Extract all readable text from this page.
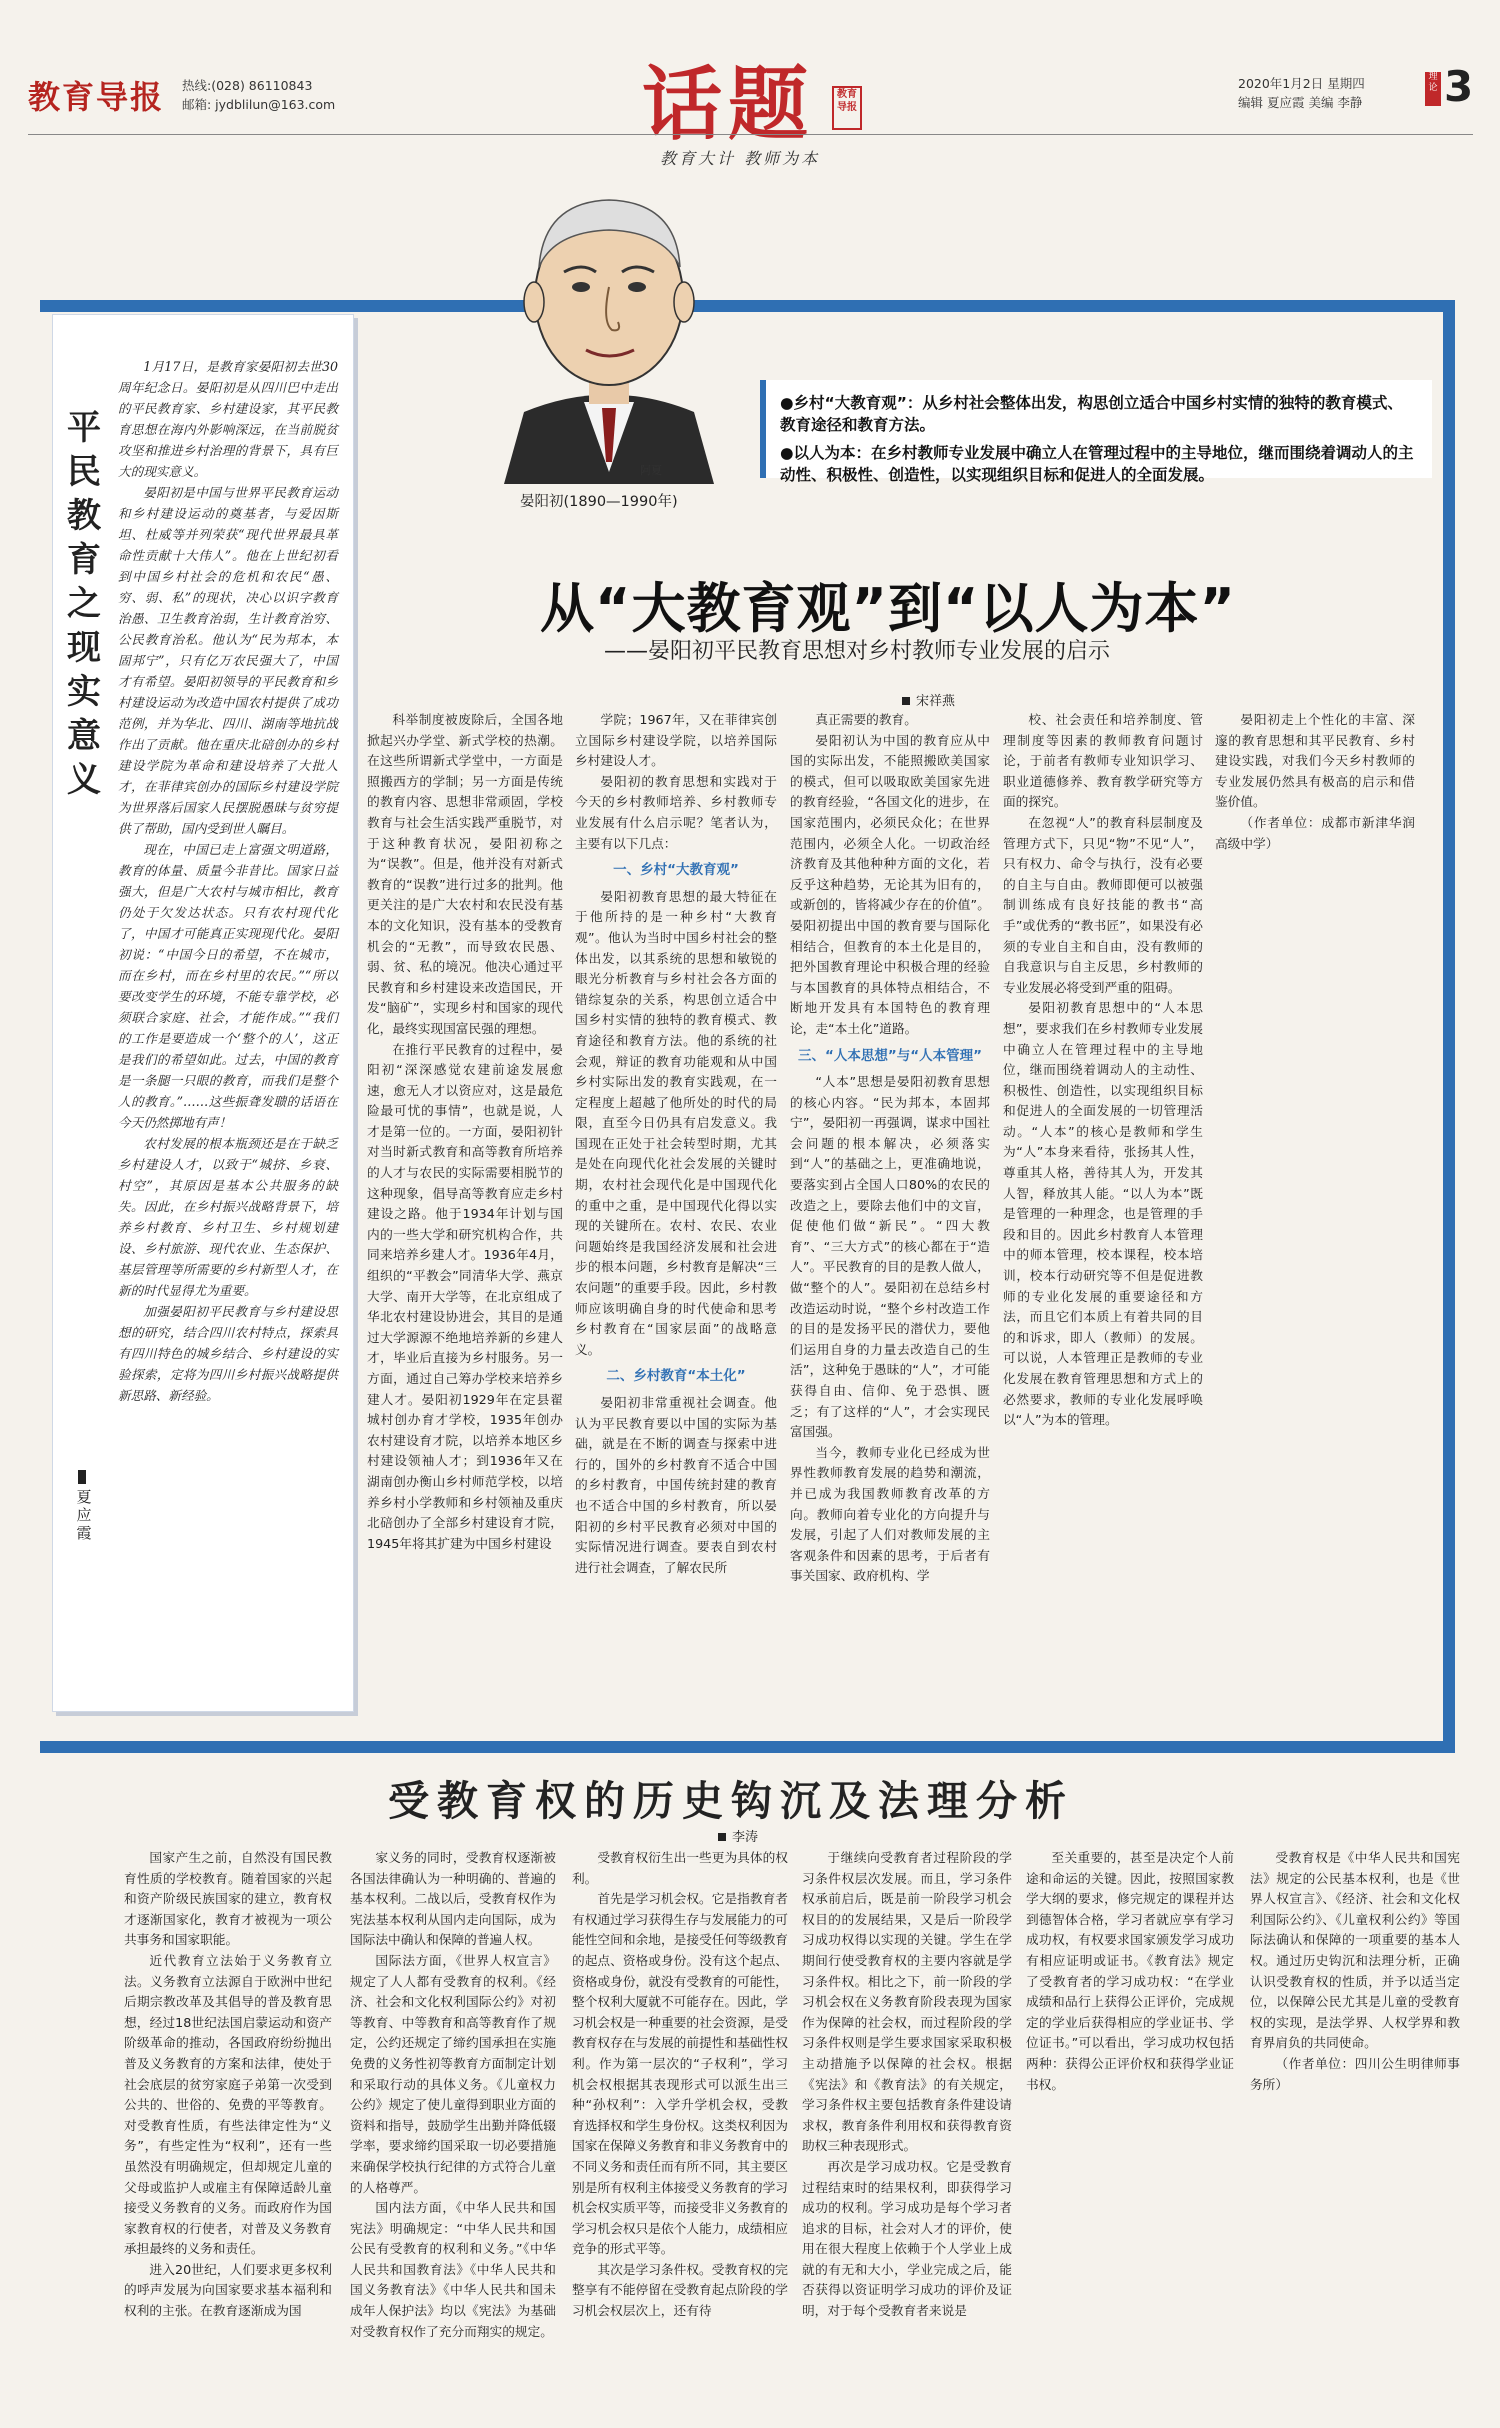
教育导报 热线:(028) 86110843
邮箱: jydblilun@163.com	话题	教育导报
教育大计 教师为本
2020年1月2日 星期四
编辑 夏应霞 美编 李静
理论 3
平民教育之现实意义
夏应霞

1月17日，是教育家晏阳初去世30周年纪念日。晏阳初是从四川巴中走出的平民教育家、乡村建设家，其平民教育思想在海内外影响深远，在当前脱贫攻坚和推进乡村治理的背景下，具有巨大的现实意义。

晏阳初是中国与世界平民教育运动和乡村建设运动的奠基者，与爱因斯坦、杜威等并列荣获“现代世界最具革命性贡献十大伟人”。他在上世纪初看到中国乡村社会的危机和农民“愚、穷、弱、私”的现状，决心以识字教育治愚、卫生教育治弱，生计教育治穷、公民教育治私。他认为“民为邦本，本固邦宁”，只有亿万农民强大了，中国才有希望。晏阳初领导的平民教育和乡村建设运动为改造中国农村提供了成功范例，并为华北、四川、湖南等地抗战作出了贡献。他在重庆北碚创办的乡村建设学院为革命和建设培养了大批人才，在菲律宾创办的国际乡村建设学院为世界落后国家人民摆脱愚昧与贫穷提供了帮助，国内受到世人瞩目。

现在，中国已走上富强文明道路，教育的体量、质量今非昔比。国家日益强大，但是广大农村与城市相比，教育仍处于欠发达状态。只有农村现代化了，中国才可能真正实现现代化。晏阳初说：“中国今日的希望，不在城市，而在乡村，而在乡村里的农民。”“所以要改变学生的环境，不能专靠学校，必须联合家庭、社会，才能作成。”“我们的工作是要造成一个‘整个的人’，这正是我们的希望如此。过去，中国的教育是一条腿一只眼的教育，而我们是整个人的教育。”……这些振聋发聩的话语在今天仍然掷地有声！

农村发展的根本瓶颈还是在于缺乏乡村建设人才，以致于“城挤、乡衰、村空”，其原因是基本公共服务的缺失。因此，在乡村振兴战略背景下，培养乡村教育、乡村卫生、乡村规划建设、乡村旅游、现代农业、生态保护、基层管理等所需要的乡村新型人才，在新的时代显得尤为重要。

加强晏阳初平民教育与乡村建设思想的研究，结合四川农村特点，探索具有四川特色的城乡结合、乡村建设的实验探索，定将为四川乡村振兴战略提供新思路、新经验。

阿夏
晏阳初(1890—1990年)

●乡村“大教育观”：从乡村社会整体出发，构思创立适合中国乡村实情的独特的教育模式、教育途径和教育方法。

●以人为本：在乡村教师专业发展中确立人在管理过程中的主导地位，继而围绕着调动人的主动性、积极性、创造性，以实现组织目标和促进人的全面发展。

从“大教育观”到“以人为本”
——晏阳初平民教育思想对乡村教师专业发展的启示
宋祥燕

科举制度被废除后，全国各地掀起兴办学堂、新式学校的热潮。在这些所谓新式学堂中，一方面是照搬西方的学制；另一方面是传统的教育内容、思想非常顽固，学校教育与社会生活实践严重脱节，对于这种教育状况，晏阳初称之为“误教”。但是，他并没有对新式教育的“误教”进行过多的批判。他更关注的是广大农村和农民没有基本的文化知识，没有基本的受教育机会的“无教”，而导致农民愚、弱、贫、私的境况。他决心通过平民教育和乡村建设来改造国民，开发“脑矿”，实现乡村和国家的现代化，最终实现国富民强的理想。

在推行平民教育的过程中，晏阳初“深深感觉农建前途发展愈速，愈无人才以资应对，这是最危险最可忧的事情”，也就是说，人才是第一位的。一方面，晏阳初针对当时新式教育和高等教育所培养的人才与农民的实际需要相脱节的这种现象，倡导高等教育应走乡村建设之路。他于1934年计划与国内的一些大学和研究机构合作，共同来培养乡建人才。1936年4月，组织的“平教会”同清华大学、燕京大学、南开大学等，在北京组成了华北农村建设协进会，其目的是通过大学源源不绝地培养新的乡建人才，毕业后直接为乡村服务。另一方面，通过自己筹办学校来培养乡建人才。晏阳初1929年在定县翟城村创办育才学校，1935年创办农村建设育才院，以培养本地区乡村建设领袖人才；到1936年又在湖南创办衡山乡村师范学校，以培养乡村小学教师和乡村领袖及重庆北碚创办了全部乡村建设育才院，1945年将其扩建为中国乡村建设

学院；1967年，又在菲律宾创立国际乡村建设学院，以培养国际乡村建设人才。

晏阳初的教育思想和实践对于今天的乡村教师培养、乡村教师专业发展有什么启示呢？笔者认为，主要有以下几点：

一、乡村“大教育观”

晏阳初教育思想的最大特征在于他所持的是一种乡村“大教育观”。他认为当时中国乡村社会的整体出发，以其系统的思想和敏锐的眼光分析教育与乡村社会各方面的错综复杂的关系，构思创立适合中国乡村实情的独特的教育模式、教育途径和教育方法。他的系统的社会观，辩证的教育功能观和从中国乡村实际出发的教育实践观，在一定程度上超越了他所处的时代的局限，直至今日仍具有启发意义。我国现在正处于社会转型时期，尤其是处在向现代化社会发展的关键时期，农村社会现代化是中国现代化的重中之重，是中国现代化得以实现的关键所在。农村、农民、农业问题始终是我国经济发展和社会进步的根本问题，乡村教育是解决“三农问题”的重要手段。因此，乡村教师应该明确自身的时代使命和思考乡村教育在“国家层面”的战略意义。

二、乡村教育“本土化”

晏阳初非常重视社会调查。他认为平民教育要以中国的实际为基础，就是在不断的调查与探索中进行的，国外的乡村教育不适合中国的乡村教育，中国传统封建的教育也不适合中国的乡村教育，所以晏阳初的乡村平民教育必须对中国的实际情况进行调查。要表自到农村进行社会调查，了解农民所

真正需要的教育。

晏阳初认为中国的教育应从中国的实际出发，不能照搬欧美国家的模式，但可以吸取欧美国家先进的教育经验，“各国文化的进步，在国家范围内，必须民众化；在世界范围内，必须全人化。一切政治经济教育及其他种种方面的文化，若反乎这种趋势，无论其为旧有的，或新创的，皆将减少存在的价值”。晏阳初提出中国的教育要与国际化相结合，但教育的本土化是目的，把外国教育理论中积极合理的经验与本国教育的具体特点相结合，不断地开发具有本国特色的教育理论，走“本土化”道路。

三、“人本思想”与“人本管理”

“人本”思想是晏阳初教育思想的核心内容。“民为邦本，本固邦宁”，晏阳初一再强调，谋求中国社会问题的根本解决，必须落实到“人”的基础之上，更准确地说，要落实到占全国人口80%的农民的改造之上，要除去他们中的文盲，促使他们做“新民”。“四大教育”、“三大方式”的核心都在于“造人”。平民教育的目的是教人做人，做“整个的人”。晏阳初在总结乡村改造运动时说，“整个乡村改造工作的目的是发扬平民的潜伏力，要他们运用自身的力量去改造自己的生活”，这种免于愚昧的“人”，才可能获得自由、信仰、免于恐惧、匮乏；有了这样的“人”，才会实现民富国强。

当今，教师专业化已经成为世界性教师教育发展的趋势和潮流，并已成为我国教师教育改革的方向。教师向着专业化的方向提升与发展，引起了人们对教师发展的主客观条件和因素的思考，于后者有事关国家、政府机构、学

校、社会责任和培养制度、管理制度等因素的教师教育问题讨论，于前者有教师专业知识学习、职业道德修养、教育教学研究等方面的探究。

在忽视“人”的教育科层制度及管理方式下，只见“物”不见“人”，只有权力、命令与执行，没有必要的自主与自由。教师即便可以被强制训练成有良好技能的教书“高手”或优秀的“教书匠”，如果没有必须的专业自主和自由，没有教师的自我意识与自主反思，乡村教师的专业发展必将受到严重的阻碍。

晏阳初教育思想中的“人本思想”，要求我们在乡村教师专业发展中确立人在管理过程中的主导地位，继而围绕着调动人的主动性、积极性、创造性，以实现组织目标和促进人的全面发展的一切管理活动。“人本”的核心是教师和学生为“人”本身来看待，张扬其人性，尊重其人格，善待其人为，开发其人智，释放其人能。“以人为本”既是管理的一种理念，也是管理的手段和目的。因此乡村教育人本管理中的师本管理，校本课程，校本培训，校本行动研究等不但是促进教师的专业化发展的重要途径和方法，而且它们本质上有着共同的目的和诉求，即人（教师）的发展。可以说，人本管理正是教师的专业化发展在教育管理思想和方式上的必然要求，教师的专业化发展呼唤以“人”为本的管理。

晏阳初走上个性化的丰富、深邃的教育思想和其平民教育、乡村建设实践，对我们今天乡村教师的专业发展仍然具有极高的启示和借鉴价值。

（作者单位：成都市新津华润高级中学）

受教育权的历史钩沉及法理分析
李涛

国家产生之前，自然没有国民教育性质的学校教育。随着国家的兴起和资产阶级民族国家的建立，教育权才逐渐国家化，教育才被视为一项公共事务和国家职能。

近代教育立法始于义务教育立法。义务教育立法源自于欧洲中世纪后期宗教改革及其倡导的普及教育思想，经过18世纪法国启蒙运动和资产阶级革命的推动，各国政府纷纷抛出普及义务教育的方案和法律，使处于社会底层的贫穷家庭子弟第一次受到公共的、世俗的、免费的平等教育。对受教育性质，有些法律定性为“义务”，有些定性为“权利”，还有一些虽然没有明确规定，但却规定儿童的父母或监护人或雇主有保障适龄儿童接受义务教育的义务。而政府作为国家教育权的行使者，对普及义务教育承担最终的义务和责任。

进入20世纪，人们要求更多权利的呼声发展为向国家要求基本福利和权利的主张。在教育逐渐成为国

家义务的同时，受教育权逐渐被各国法律确认为一种明确的、普遍的基本权利。二战以后，受教育权作为宪法基本权利从国内走向国际，成为国际法中确认和保障的普遍人权。

国际法方面，《世界人权宣言》规定了人人都有受教育的权利。《经济、社会和文化权利国际公约》对初等教育、中等教育和高等教育作了规定，公约还规定了缔约国承担在实施免费的义务性初等教育方面制定计划和采取行动的具体义务。《儿童权力公约》规定了使儿童得到职业方面的资料和指导，鼓励学生出勤并降低辍学率，要求缔约国采取一切必要措施来确保学校执行纪律的方式符合儿童的人格尊严。

国内法方面，《中华人民共和国宪法》明确规定：“中华人民共和国公民有受教育的权利和义务。”《中华人民共和国教育法》《中华人民共和国义务教育法》《中华人民共和国未成年人保护法》均以《宪法》为基础对受教育权作了充分而翔实的规定。

受教育权衍生出一些更为具体的权利。

首先是学习机会权。它是指教育者有权通过学习获得生存与发展能力的可能性空间和余地，是接受任何等级教育的起点、资格或身份。没有这个起点、资格或身份，就没有受教育的可能性，整个权利大厦就不可能存在。因此，学习机会权是一种重要的社会资源，是受教育权存在与发展的前提性和基础性权利。作为第一层次的“子权利”，学习机会权根据其表现形式可以派生出三种“孙权利”：入学升学机会权，受教育选择权和学生身份权。这类权利因为国家在保障义务教育和非义务教育中的不同义务和责任而有所不同，其主要区别是所有权利主体接受义务教育的学习机会权实质平等，而接受非义务教育的学习机会权只是依个人能力，成绩相应竞争的形式平等。

其次是学习条件权。受教育权的完整享有不能停留在受教育起点阶段的学习机会权层次上，还有待

于继续向受教育者过程阶段的学习条件权层次发展。而且，学习条件权承前启后，既是前一阶段学习机会权目的的发展结果，又是后一阶段学习成功权得以实现的关键。学生在学期间行使受教育权的主要内容就是学习条件权。相比之下，前一阶段的学习机会权在义务教育阶段表现为国家作为保障的社会权，而过程阶段的学习条件权则是学生要求国家采取积极主动措施予以保障的社会权。根据《宪法》和《教育法》的有关规定，学习条件权主要包括教育条件建设请求权，教育条件利用权和获得教育资助权三种表现形式。

再次是学习成功权。它是受教育过程结束时的结果权利，即获得学习成功的权利。学习成功是每个学习者追求的目标，社会对人才的评价，使用在很大程度上依赖于个人学业上成就的有无和大小，学业完成之后，能否获得以资证明学习成功的评价及证明，对于每个受教育者来说是

至关重要的，甚至是决定个人前途和命运的关键。因此，按照国家教学大纲的要求，修完规定的课程并达到德智体合格，学习者就应享有学习成功权，有权要求国家颁发学习成功有相应证明或证书。《教育法》规定了受教育者的学习成功权：“在学业成绩和品行上获得公正评价，完成规定的学业后获得相应的学业证书、学位证书。”可以看出，学习成功权包括两种：获得公正评价权和获得学业证书权。

受教育权是《中华人民共和国宪法》规定的公民基本权利，也是《世界人权宣言》、《经济、社会和文化权利国际公约》、《儿童权利公约》等国际法确认和保障的一项重要的基本人权。通过历史钩沉和法理分析，正确认识受教育权的性质，并予以适当定位，以保障公民尤其是儿童的受教育权的实现，是法学界、人权学界和教育界肩负的共同使命。

（作者单位：四川公生明律师事务所）
